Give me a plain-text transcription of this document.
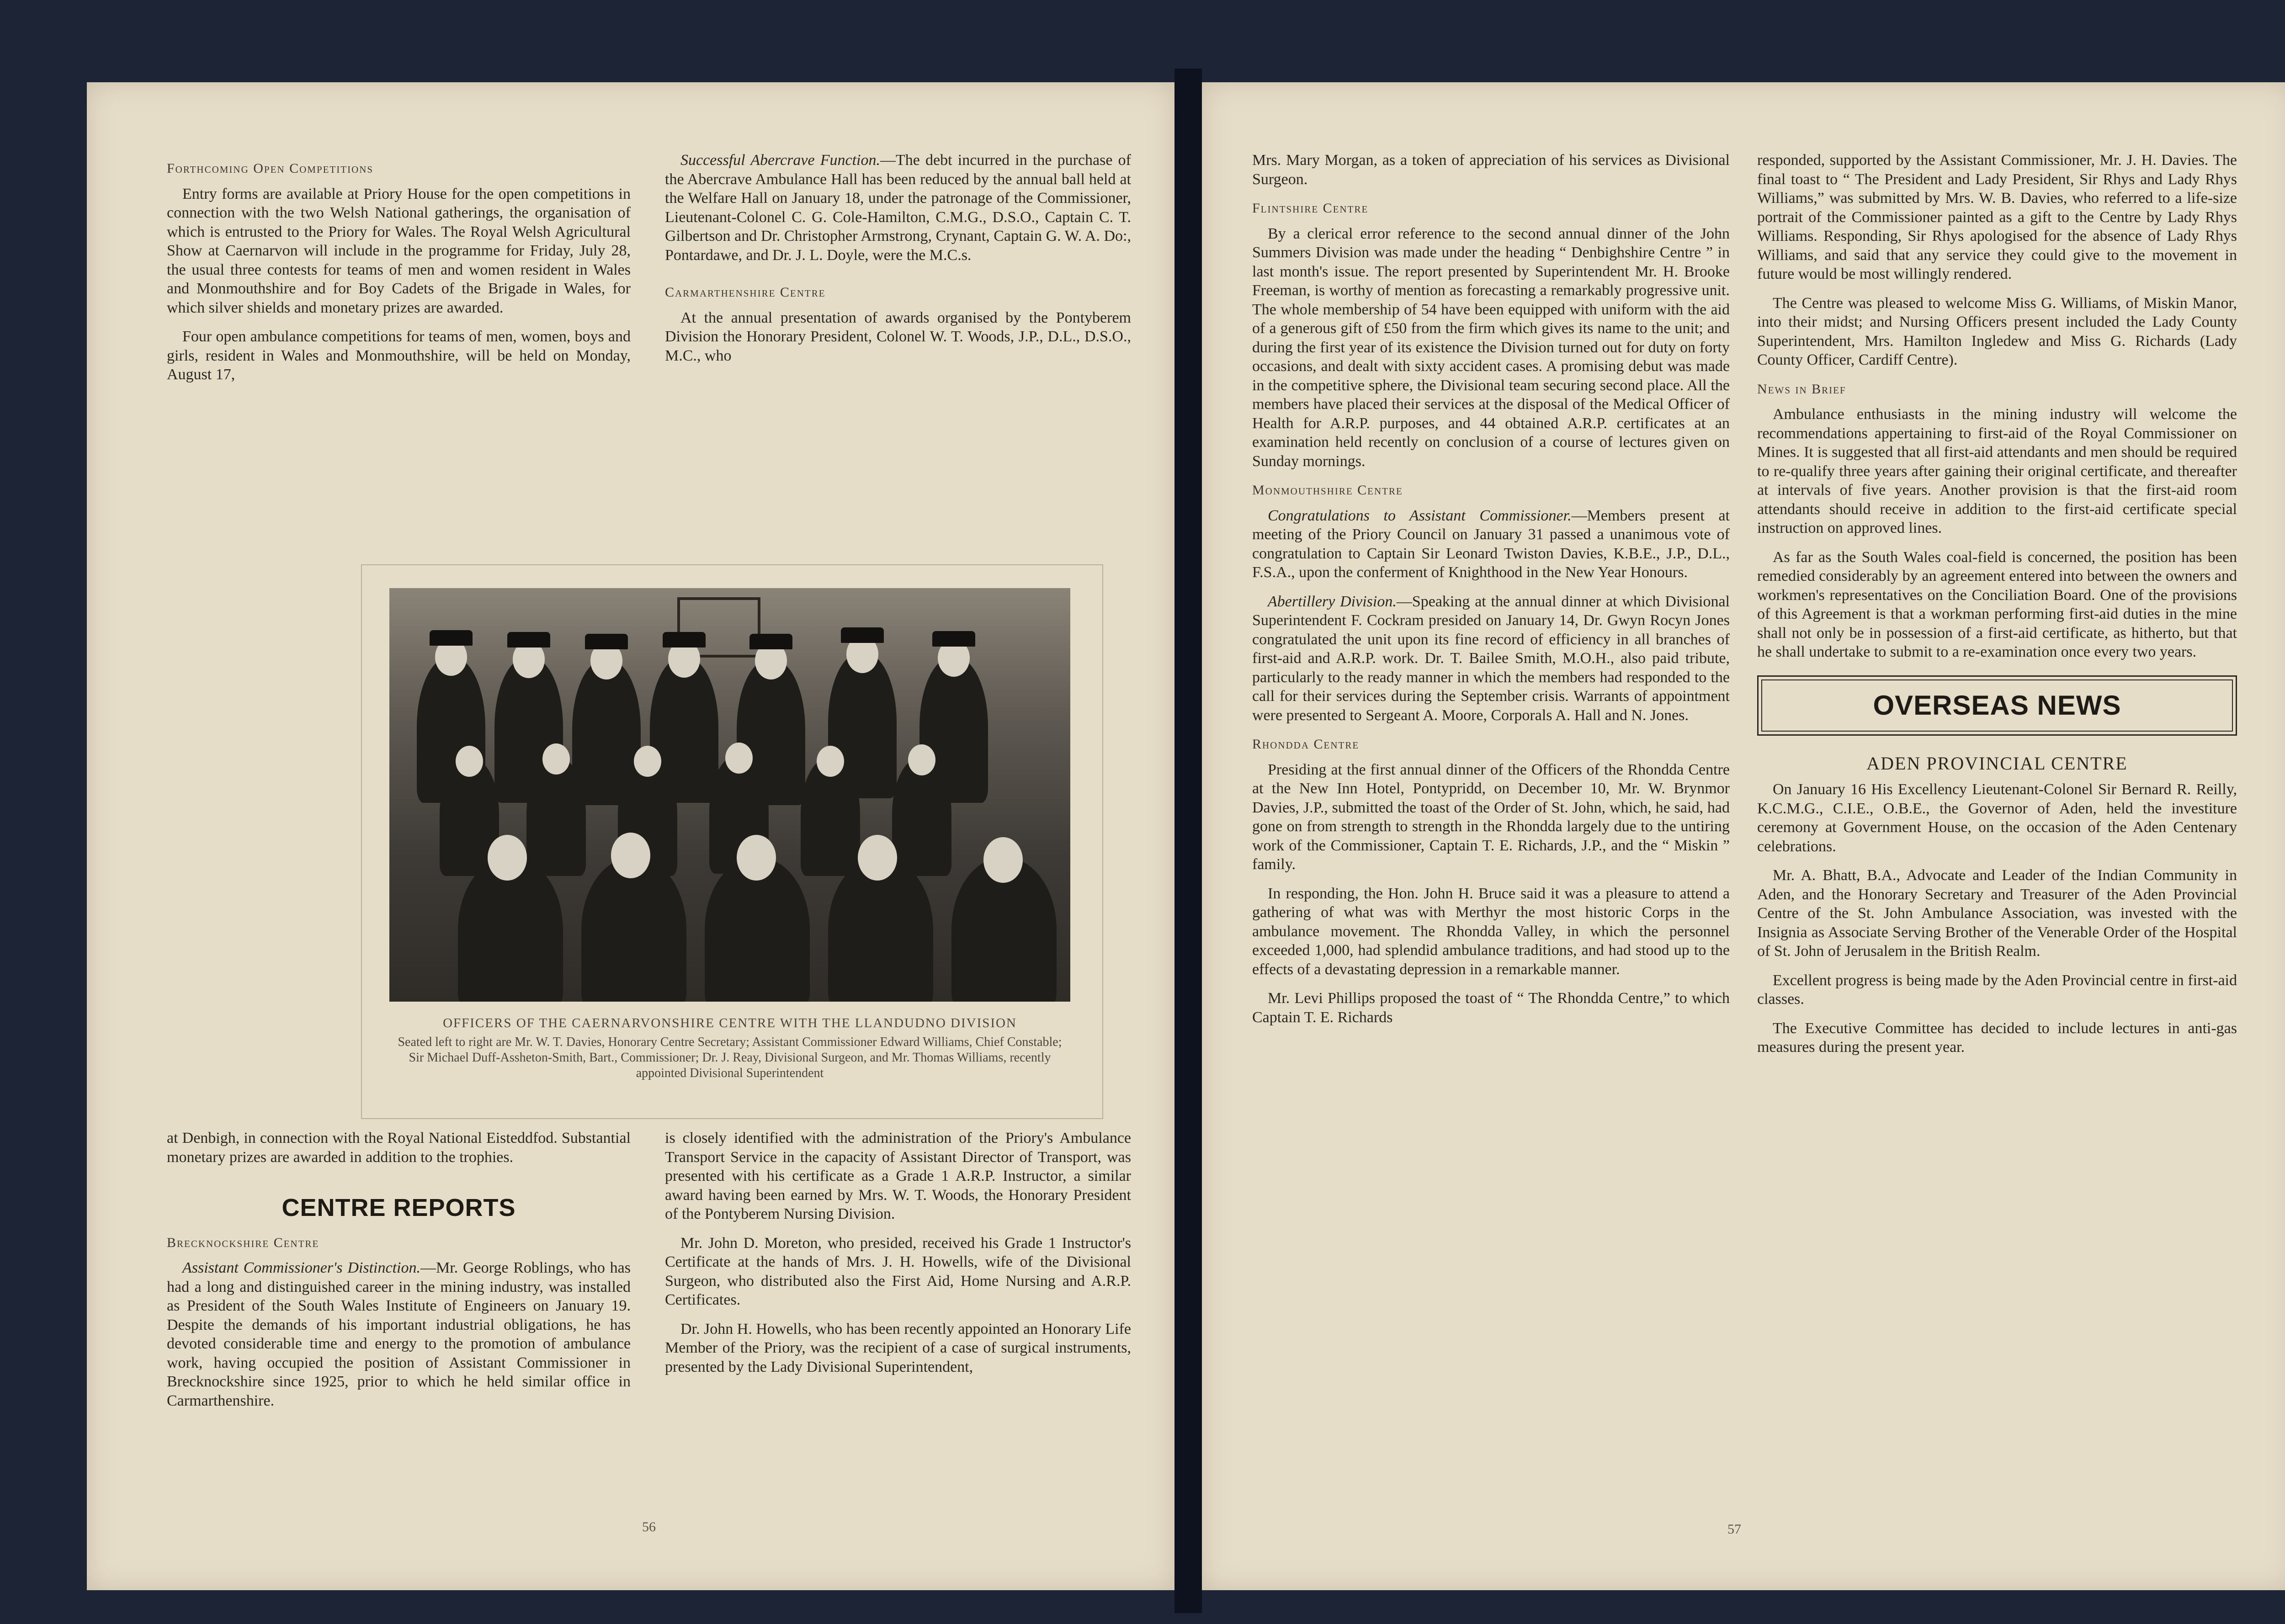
Forthcoming Open Competitions

Entry forms are available at Priory House for the open competitions in connection with the two Welsh National gatherings, the organisation of which is entrusted to the Priory for Wales. The Royal Welsh Agricultural Show at Caernarvon will include in the programme for Friday, July 28, the usual three contests for teams of men and women resident in Wales and Monmouthshire and for Boy Cadets of the Brigade in Wales, for which silver shields and monetary prizes are awarded.

Four open ambulance competitions for teams of men, women, boys and girls, resident in Wales and Monmouthshire, will be held on Monday, August 17,

Successful Abercrave Function.—The debt incurred in the purchase of the Abercrave Ambulance Hall has been reduced by the annual ball held at the Welfare Hall on January 18, under the patronage of the Commissioner, Lieutenant-Colonel C. G. Cole-Hamilton, C.M.G., D.S.O., Captain C. T. Gilbertson and Dr. Christopher Armstrong, Crynant, Captain G. W. A. Do:, Pontardawe, and Dr. J. L. Doyle, were the M.C.s.

Carmarthenshire Centre

At the annual presentation of awards organised by the Pontyberem Division the Honorary President, Colonel W. T. Woods, J.P., D.L., D.S.O., M.C., who

OFFICERS OF THE CAERNARVONSHIRE CENTRE WITH THE LLANDUDNO DIVISION
Seated left to right are Mr. W. T. Davies, Honorary Centre Secretary; Assistant Commissioner Edward Williams, Chief Constable; Sir Michael Duff-Assheton-Smith, Bart., Commissioner; Dr. J. Reay, Divisional Surgeon, and Mr. Thomas Williams, recently appointed Divisional Superintendent

at Denbigh, in connection with the Royal National Eisteddfod. Substantial monetary prizes are awarded in addition to the trophies.

CENTRE REPORTS
Brecknockshire Centre

Assistant Commissioner's Distinction.—Mr. George Roblings, who has had a long and distinguished career in the mining industry, was installed as President of the South Wales Institute of Engineers on January 19. Despite the demands of his important industrial obligations, he has devoted considerable time and energy to the promotion of ambulance work, having occupied the position of Assistant Commissioner in Brecknockshire since 1925, prior to which he held similar office in Carmarthenshire.

is closely identified with the administration of the Priory's Ambulance Transport Service in the capacity of Assistant Director of Transport, was presented with his certificate as a Grade 1 A.R.P. Instructor, a similar award having been earned by Mrs. W. T. Woods, the Honorary President of the Pontyberem Nursing Division.

Mr. John D. Moreton, who presided, received his Grade 1 Instructor's Certificate at the hands of Mrs. J. H. Howells, wife of the Divisional Surgeon, who distributed also the First Aid, Home Nursing and A.R.P. Certificates.

Dr. John H. Howells, who has been recently appointed an Honorary Life Member of the Priory, was the recipient of a case of surgical instruments, presented by the Lady Divisional Superintendent,

56

Mrs. Mary Morgan, as a token of appreciation of his services as Divisional Surgeon.

Flintshire Centre

By a clerical error reference to the second annual dinner of the John Summers Division was made under the heading “ Denbighshire Centre ” in last month's issue. The report presented by Superintendent Mr. H. Brooke Freeman, is worthy of mention as forecasting a remarkably progressive unit. The whole membership of 54 have been equipped with uniform with the aid of a generous gift of £50 from the firm which gives its name to the unit; and during the first year of its existence the Division turned out for duty on forty occasions, and dealt with sixty accident cases. A promising debut was made in the competitive sphere, the Divisional team securing second place. All the members have placed their services at the disposal of the Medical Officer of Health for A.R.P. purposes, and 44 obtained A.R.P. certificates at an examination held recently on conclusion of a course of lectures given on Sunday mornings.

Monmouthshire Centre

Congratulations to Assistant Commissioner.—Members present at meeting of the Priory Council on January 31 passed a unanimous vote of congratulation to Captain Sir Leonard Twiston Davies, K.B.E., J.P., D.L., F.S.A., upon the conferment of Knighthood in the New Year Honours.

Abertillery Division.—Speaking at the annual dinner at which Divisional Superintendent F. Cockram presided on January 14, Dr. Gwyn Rocyn Jones congratulated the unit upon its fine record of efficiency in all branches of first-aid and A.R.P. work. Dr. T. Bailee Smith, M.O.H., also paid tribute, particularly to the ready manner in which the members had responded to the call for their services during the September crisis. Warrants of appointment were presented to Sergeant A. Moore, Corporals A. Hall and N. Jones.

Rhondda Centre

Presiding at the first annual dinner of the Officers of the Rhondda Centre at the New Inn Hotel, Pontypridd, on December 10, Mr. W. Brynmor Davies, J.P., submitted the toast of the Order of St. John, which, he said, had gone on from strength to strength in the Rhondda largely due to the untiring work of the Commissioner, Captain T. E. Richards, J.P., and the “ Miskin ” family.

In responding, the Hon. John H. Bruce said it was a pleasure to attend a gathering of what was with Merthyr the most historic Corps in the ambulance movement. The Rhondda Valley, in which the personnel exceeded 1,000, had splendid ambulance traditions, and had stood up to the effects of a devastating depression in a remarkable manner.

Mr. Levi Phillips proposed the toast of “ The Rhondda Centre,” to which Captain T. E. Richards

responded, supported by the Assistant Commissioner, Mr. J. H. Davies. The final toast to “ The President and Lady President, Sir Rhys and Lady Rhys Williams,” was submitted by Mrs. W. B. Davies, who referred to a life-size portrait of the Commissioner painted as a gift to the Centre by Lady Rhys Williams. Responding, Sir Rhys apologised for the absence of Lady Rhys Williams, and said that any service they could give to the movement in future would be most willingly rendered.

The Centre was pleased to welcome Miss G. Williams, of Miskin Manor, into their midst; and Nursing Officers present included the Lady County Superintendent, Mrs. Hamilton Ingledew and Miss G. Richards (Lady County Officer, Cardiff Centre).

News in Brief

Ambulance enthusiasts in the mining industry will welcome the recommendations appertaining to first-aid of the Royal Commissioner on Mines. It is suggested that all first-aid attendants and men should be required to re-qualify three years after gaining their original certificate, and thereafter at intervals of five years. Another provision is that the first-aid room attendants should receive in addition to the first-aid certificate special instruction on approved lines.

As far as the South Wales coal-field is concerned, the position has been remedied considerably by an agreement entered into between the owners and workmen's representatives on the Conciliation Board. One of the provisions of this Agreement is that a workman performing first-aid duties in the mine shall not only be in possession of a first-aid certificate, as hitherto, but that he shall undertake to submit to a re-examination once every two years.

OVERSEAS NEWS
ADEN PROVINCIAL CENTRE

On January 16 His Excellency Lieutenant-Colonel Sir Bernard R. Reilly, K.C.M.G., C.I.E., O.B.E., the Governor of Aden, held the investiture ceremony at Government House, on the occasion of the Aden Centenary celebrations.

Mr. A. Bhatt, B.A., Advocate and Leader of the Indian Community in Aden, and the Honorary Secretary and Treasurer of the Aden Provincial Centre of the St. John Ambulance Association, was invested with the Insignia as Associate Serving Brother of the Venerable Order of the Hospital of St. John of Jerusalem in the British Realm.

Excellent progress is being made by the Aden Provincial centre in first-aid classes.

The Executive Committee has decided to include lectures in anti-gas measures during the present year.

57
